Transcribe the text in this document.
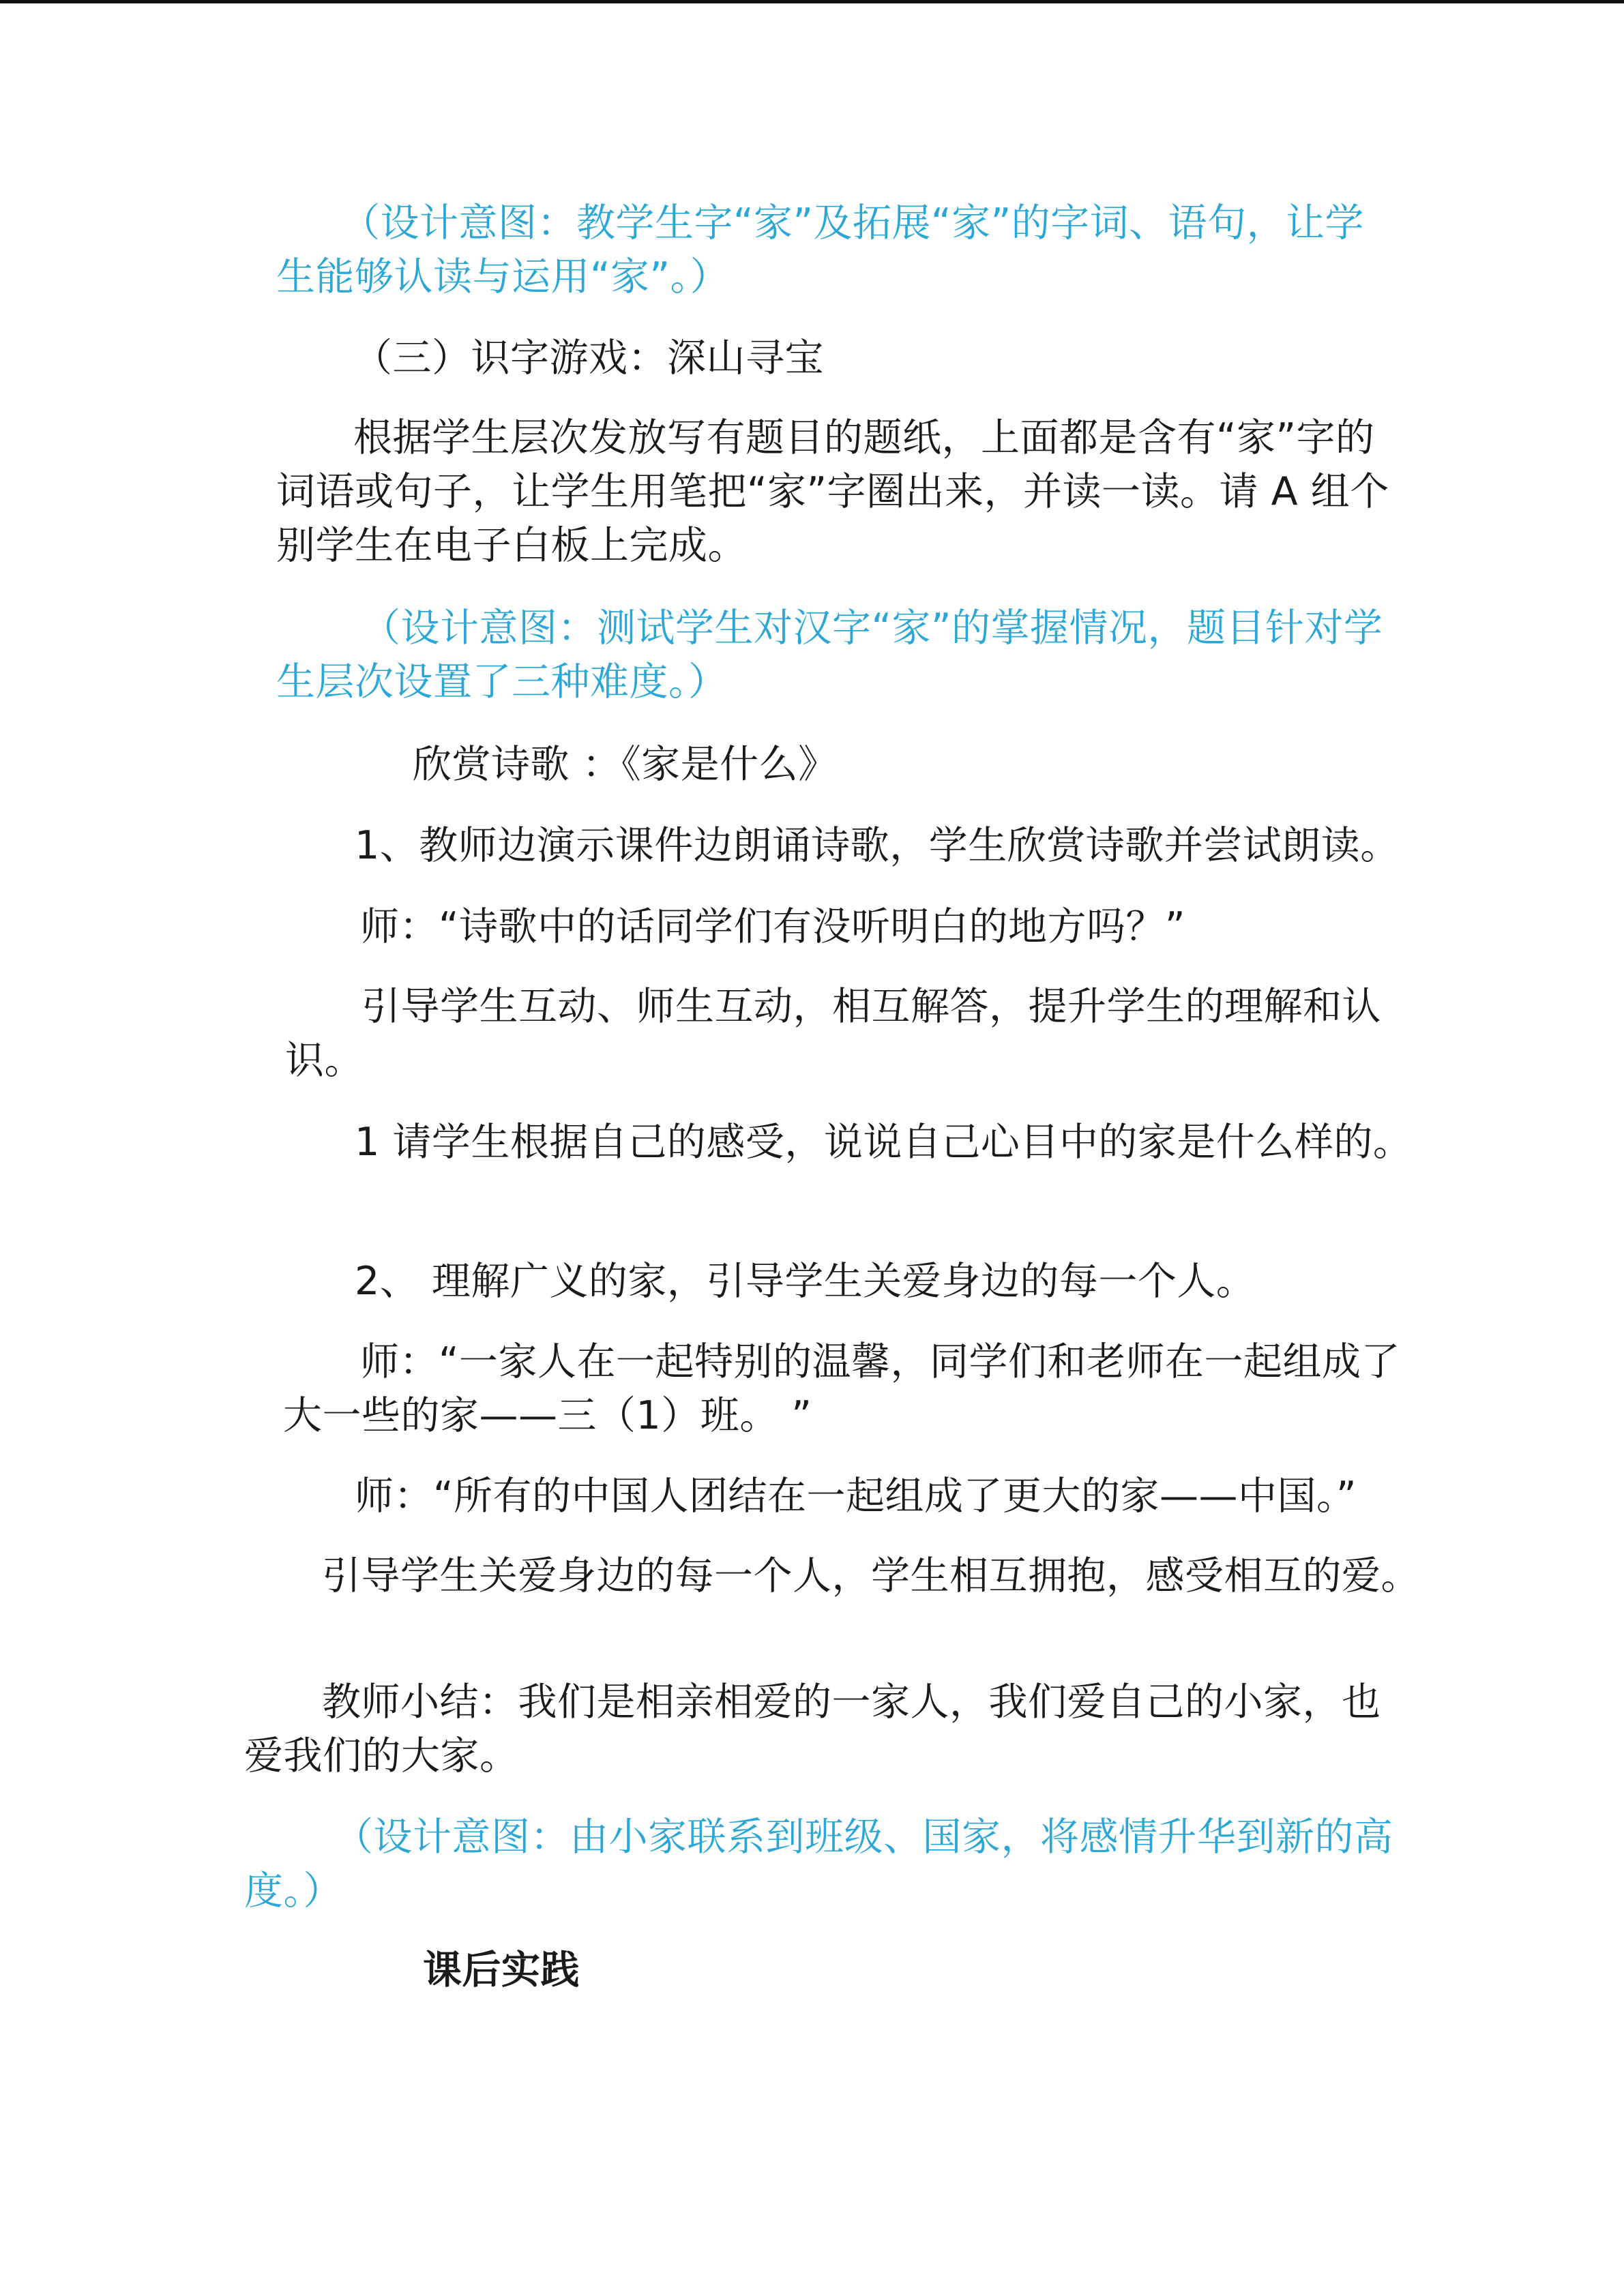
（设计意图：教学生字“家”及拓展“家”的字词、语句，让学

生能够认读与运用“家”。）

（三）识字游戏：深山寻宝

根据学生层次发放写有题目的题纸，上面都是含有“家”字的

词语或句子，让学生用笔把“家”字圈出来，并读一读。请 A 组个

别学生在电子白板上完成。

（设计意图：测试学生对汉字“家”的掌握情况，题目针对学

生层次设置了三种难度。）

欣赏诗歌 ：《家是什么》

1、教师边演示课件边朗诵诗歌，学生欣赏诗歌并尝试朗读。

师：“诗歌中的话同学们有没听明白的地方吗？”

引导学生互动、师生互动，相互解答，提升学生的理解和认

识。

1 请学生根据自己的感受，说说自己心目中的家是什么样的。

2、 理解广义的家，引导学生关爱身边的每一个人。

师：“一家人在一起特别的温馨，同学们和老师在一起组成了

大一些的家——三（1）班。 ”

师：“所有的中国人团结在一起组成了更大的家——中国。”

引导学生关爱身边的每一个人，学生相互拥抱，感受相互的爱。

教师小结：我们是相亲相爱的一家人，我们爱自己的小家，也

爱我们的大家。

（设计意图：由小家联系到班级、国家，将感情升华到新的高

度。）

课后实践
